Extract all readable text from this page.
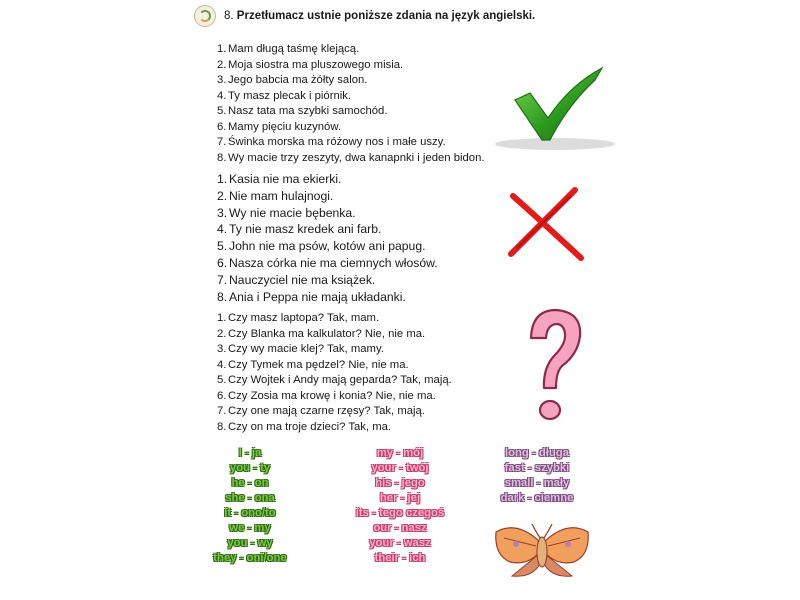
8. Przetłumacz ustnie poniższe zdania na język angielski.
1. Mam długą taśmę klejącą.
2. Moja siostra ma pluszowego misia.
3. Jego babcia ma żółty salon.
4. Ty masz plecak i piórnik.
5. Nasz tata ma szybki samochód.
6. Mamy pięciu kuzynów.
7. Świnka morska ma różowy nos i małe uszy.
8. Wy macie trzy zeszyty, dwa kanapnki i jeden bidon.
1. Kasia nie ma ekierki.
2. Nie mam hulajnogi.
3. Wy nie macie bębenka.
4. Ty nie masz kredek ani farb.
5. John nie ma psów, kotów ani papug.
6. Nasza córka nie ma ciemnych włosów.
7. Nauczyciel nie ma książek.
8. Ania i Peppa nie mają układanki.
1. Czy masz laptopa? Tak, mam.
2. Czy Blanka ma kalkulator? Nie, nie ma.
3. Czy wy macie klej? Tak, mamy.
4. Czy Tymek ma pędzel? Nie, nie ma.
5. Czy Wojtek i Andy mają geparda? Tak, mają.
6. Czy Zosia ma krowę i konia? Nie, nie ma.
7. Czy one mają czarne rzęsy? Tak, mają.
8. Czy on ma troje dzieci? Tak, ma.
I - ja
you - ty
he - on
she - ona
it - ono/to
we - my
you - wy
they - oni/one
my - mój
your - twój
his - jego
her - jej
its - tego czegoś
our - nasz
your - wasz
their - ich
long - długa
fast - szybki
small - mały
dark - ciemne
